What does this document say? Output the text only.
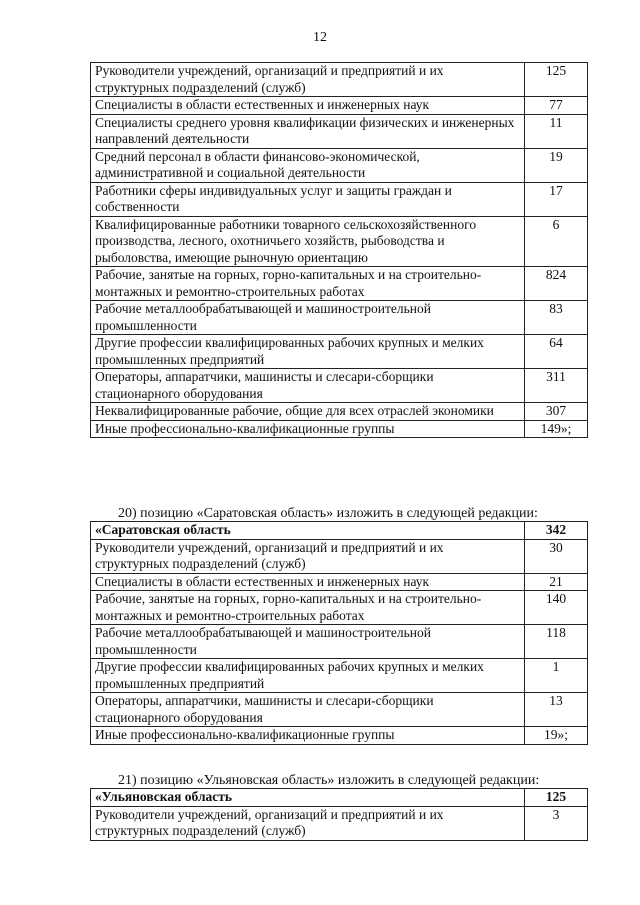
12
Руководители учреждений, организаций и предприятий и их структурных подразделений (служб)	125
Специалисты в области естественных и инженерных наук	77
Специалисты среднего уровня квалификации физических и инженерных направлений деятельности	11
Средний персонал в области финансово-экономической, административной и социальной деятельности	19
Работники сферы индивидуальных услуг и защиты граждан и собственности	17
Квалифицированные работники товарного сельскохозяйственного производства, лесного, охотничьего хозяйств, рыбоводства и рыболовства, имеющие рыночную ориентацию	6
Рабочие, занятые на горных, горно-капитальных и на строительно-монтажных и ремонтно-строительных работах	824
Рабочие металлообрабатывающей и машиностроительной промышленности	83
Другие профессии квалифицированных рабочих крупных и мелких промышленных предприятий	64
Операторы, аппаратчики, машинисты и слесари-сборщики стационарного оборудования	311
Неквалифицированные рабочие, общие для всех отраслей экономики	307
Иные профессионально-квалификационные группы	149»;
20) позицию «Саратовская область» изложить в следующей редакции:
«Саратовская область	342
Руководители учреждений, организаций и предприятий и их структурных подразделений (служб)	30
Специалисты в области естественных и инженерных наук	21
Рабочие, занятые на горных, горно-капитальных и на строительно-монтажных и ремонтно-строительных работах	140
Рабочие металлообрабатывающей и машиностроительной промышленности	118
Другие профессии квалифицированных рабочих крупных и мелких промышленных предприятий	1
Операторы, аппаратчики, машинисты и слесари-сборщики стационарного оборудования	13
Иные профессионально-квалификационные группы	19»;
21) позицию «Ульяновская область» изложить в следующей редакции:
«Ульяновская область	125
Руководители учреждений, организаций и предприятий и их структурных подразделений (служб)	3
